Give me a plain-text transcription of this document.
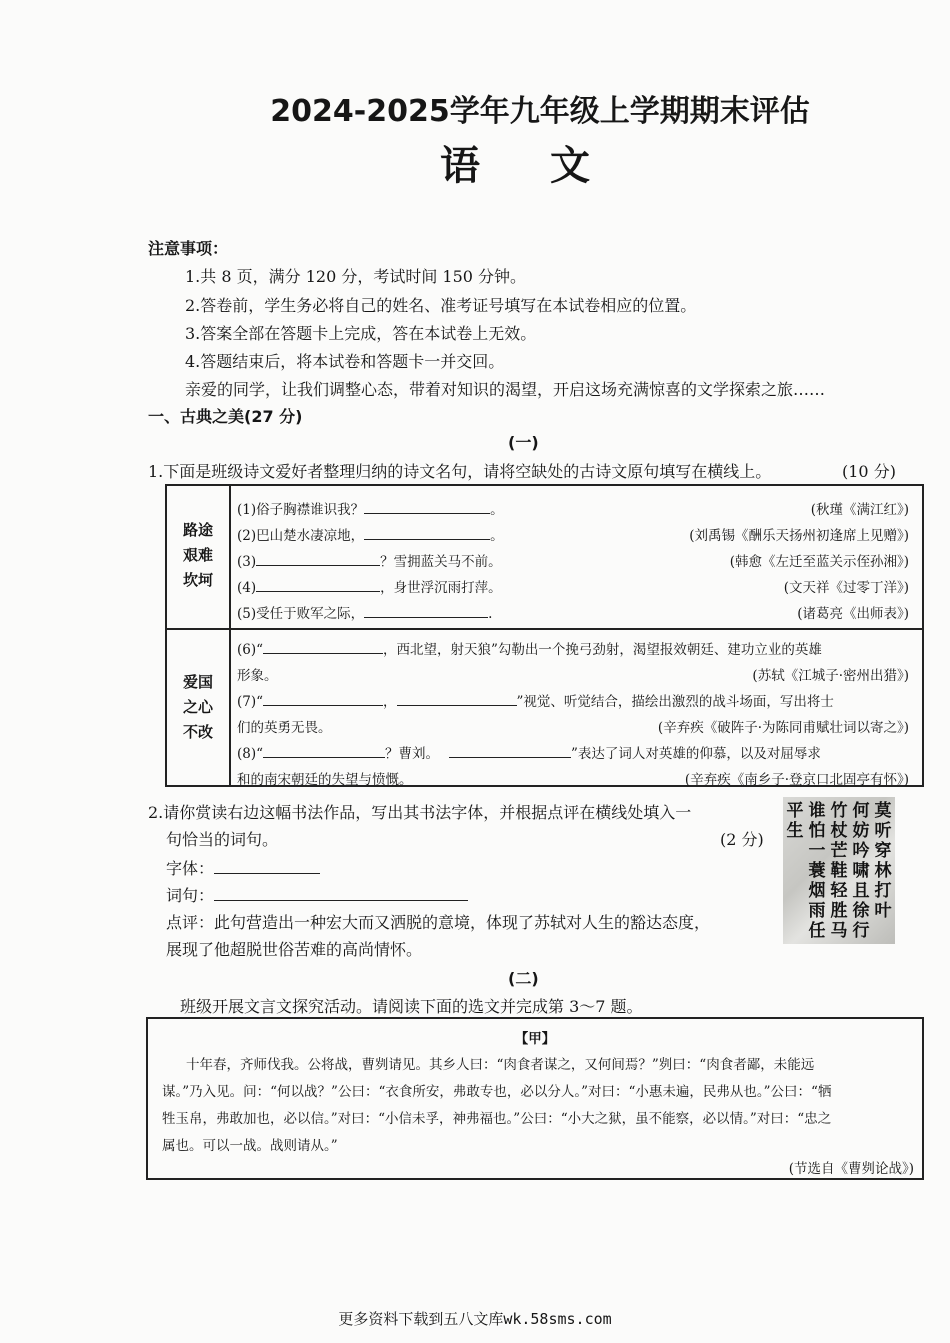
2024-2025学年九年级上学期期末评估
语文
注意事项：
1.共 8 页，满分 120 分，考试时间 150 分钟。
2.答卷前，学生务必将自己的姓名、准考证号填写在本试卷相应的位置。
3.答案全部在答题卡上完成，答在本试卷上无效。
4.答题结束后，将本试卷和答题卡一并交回。
亲爱的同学，让我们调整心态，带着对知识的渴望，开启这场充满惊喜的文学探索之旅……
一、古典之美(27 分)
(一)
1.下面是班级诗文爱好者整理归纳的诗文名句，请将空缺处的古诗文原句填写在横线上。	(10 分)
路途
艰难
坎坷
爱国
之心
不改
(1)俗子胸襟谁识我？	。	(秋瑾《满江红》)
(2)巴山楚水凄凉地，	。	(刘禹锡《酬乐天扬州初逢席上见赠》)
(3)	？雪拥蓝关马不前。	(韩愈《左迁至蓝关示侄孙湘》)
(4)	，身世浮沉雨打萍。	(文天祥《过零丁洋》)
(5)受任于败军之际，	.	(诸葛亮《出师表》)
(6)“	，西北望，射天狼”勾勒出一个挽弓劲射，渴望报效朝廷、建功立业的英雄
形象。	(苏轼《江城子·密州出猎》)
(7)“	，	”视觉、听觉结合，描绘出激烈的战斗场面，写出将士
们的英勇无畏。	(辛弃疾《破阵子·为陈同甫赋壮词以寄之》)
(8)“	？曹刘。	”表达了词人对英雄的仰慕，以及对屈辱求
和的南宋朝廷的失望与愤慨。	(辛弃疾《南乡子·登京口北固亭有怀》)
2.请你赏读右边这幅书法作品，写出其书法字体，并根据点评在横线处填入一
句恰当的词句。	(2 分)
字体：
词句：
点评：此句营造出一种宏大而又洒脱的意境，体现了苏轼对人生的豁达态度，
展现了他超脱世俗苦难的高尚情怀。
莫
听
穿
林
打
叶
何
妨
吟
啸
且
徐
行
竹
杖
芒
鞋
轻
胜
马
谁
怕
一
蓑
烟
雨
任
平
生
(二)
班级开展文言文探究活动。请阅读下面的选文并完成第 3～7 题。
【甲】
十年春，齐师伐我。公将战，曹刿请见。其乡人曰：“肉食者谋之，又何间焉？”刿曰：“肉食者鄙，未能远
谋。”乃入见。问：“何以战？”公曰：“衣食所安，弗敢专也，必以分人。”对曰：“小惠未遍，民弗从也。”公曰：“牺
牲玉帛，弗敢加也，必以信。”对曰：“小信未孚，神弗福也。”公曰：“小大之狱，虽不能察，必以情。”对曰：“忠之
属也。可以一战。战则请从。”
(节选自《曹刿论战》)
更多资料下载到五八文库wk.58sms.com
